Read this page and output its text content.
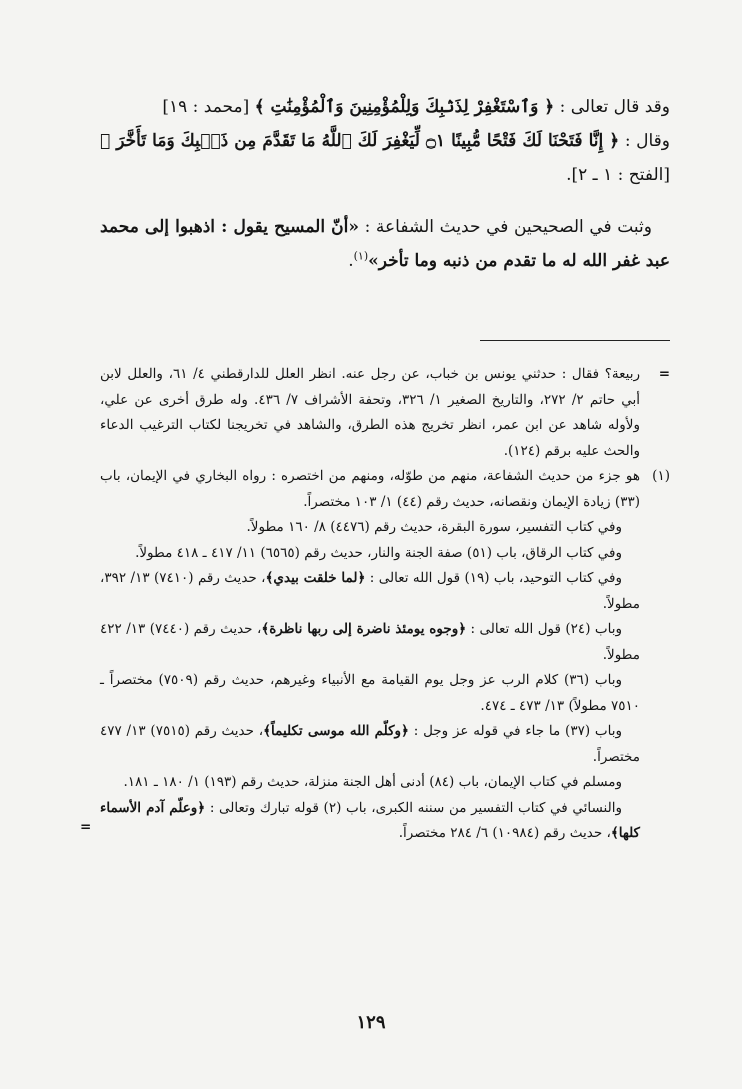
وقد قال تعالى : ﴿ وَٱسْتَغْفِرْ لِذَنۢبِكَ وَلِلْمُؤْمِنِينَ وَٱلْمُؤْمِنَٰتِ ﴾ [محمد : ١٩]

وقال : ﴿ إِنَّا فَتَحْنَا لَكَ فَتْحًا مُّبِينًا ۝١ لِّيَغْفِرَ لَكَ ٱللَّهُ مَا تَقَدَّمَ مِن ذَنۢبِكَ وَمَا تَأَخَّرَ ﴾ [الفتح : ١ ـ ٢].

وثبت في الصحيحين في حديث الشفاعة : «أنّ المسيح يقول : اذهبوا إلى محمد عبد غفر الله له ما تقدم من ذنبه وما تأخر»$^{(١)}$.

=
ربيعة؟ فقال : حدثني يونس بن خباب، عن رجل عنه. انظر العلل للدارقطني ٤/ ٦١، والعلل لابن أبي حاتم ٢/ ٢٧٢، والتاريخ الصغير ١/ ٣٢٦، وتحفة الأشراف ٧/ ٤٣٦. وله طرق أخرى عن علي، ولأوله شاهد عن ابن عمر، انظر تخريج هذه الطرق، والشاهد في تخريجنا لكتاب الترغيب الدعاء والحث عليه برقم (١٢٤).

(١)
هو جزء من حديث الشفاعة، منهم من طوّله، ومنهم من اختصره : رواه البخاري في الإيمان، باب (٣٣) زيادة الإيمان ونقصانه، حديث رقم (٤٤) ١/ ١٠٣ مختصراً.

وفي كتاب التفسير، سورة البقرة، حديث رقم (٤٤٧٦) ٨/ ١٦٠ مطولاً.

وفي كتاب الرقاق، باب (٥١) صفة الجنة والنار، حديث رقم (٦٥٦٥) ١١/ ٤١٧ ـ ٤١٨ مطولاً.

وفي كتاب التوحيد، باب (١٩) قول الله تعالى : ﴿لما خلقت بيدي﴾، حديث رقم (٧٤١٠) ١٣/ ٣٩٢، مطولاً.

وباب (٢٤) قول الله تعالى : ﴿وجوه يومئذ ناضرة إلى ربها ناظرة﴾، حديث رقم (٧٤٤٠) ١٣/ ٤٢٢ مطولاً.

وباب (٣٦) كلام الرب عز وجل يوم القيامة مع الأنبياء وغيرهم، حديث رقم (٧٥٠٩) مختصراً ـ ٧٥١٠ مطولاً) ١٣/ ٤٧٣ ـ ٤٧٤.

وباب (٣٧) ما جاء في قوله عز وجل : ﴿وكلّم الله موسى تكليماً﴾، حديث رقم (٧٥١٥) ١٣/ ٤٧٧ مختصراً.

ومسلم في كتاب الإيمان، باب (٨٤) أدنى أهل الجنة منزلة، حديث رقم (١٩٣) ١/ ١٨٠ ـ ١٨١.

والنسائي في كتاب التفسير من سننه الكبرى، باب (٢) قوله تبارك وتعالى : ﴿وعلّم آدم الأسماء كلها﴾، حديث رقم (١٠٩٨٤) ٦/ ٢٨٤ مختصراً.
=

١٢٩
